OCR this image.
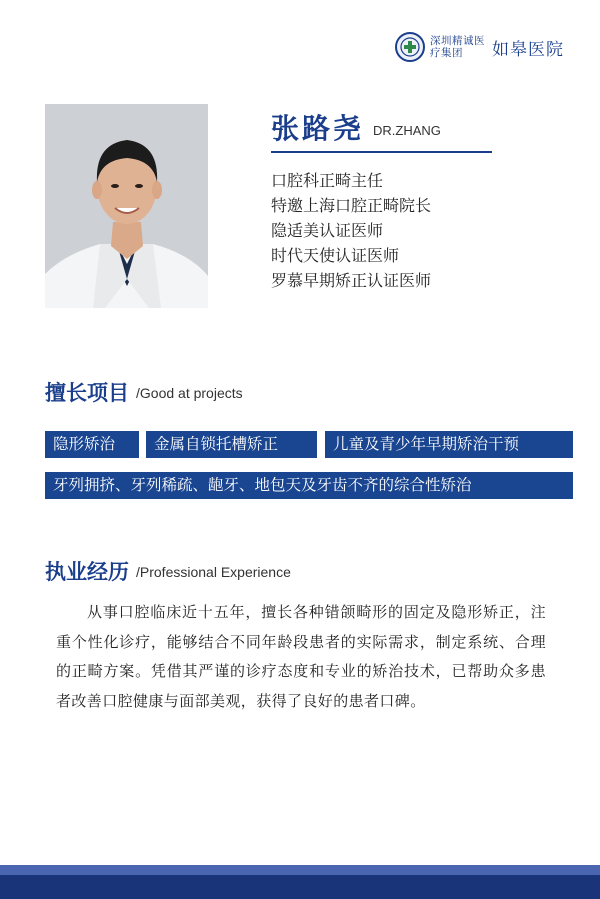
深圳精诚医疗集团	如皋医院
张路尧 DR.ZHANG
口腔科正畸主任
特邀上海口腔正畸院长
隐适美认证医师
时代天使认证医师
罗慕早期矫正认证医师
擅长项目 /Good at projects
隐形矫治	金属自锁托槽矫正	儿童及青少年早期矫治干预
牙列拥挤、牙列稀疏、龅牙、地包天及牙齿不齐的综合性矫治
执业经历 /Professional Experience
从事口腔临床近十五年，擅长各种错颌畸形的固定及隐形矫正，注重个性化诊疗，能够结合不同年龄段患者的实际需求，制定系统、合理的正畸方案。凭借其严谨的诊疗态度和专业的矫治技术，已帮助众多患者改善口腔健康与面部美观，获得了良好的患者口碑。
